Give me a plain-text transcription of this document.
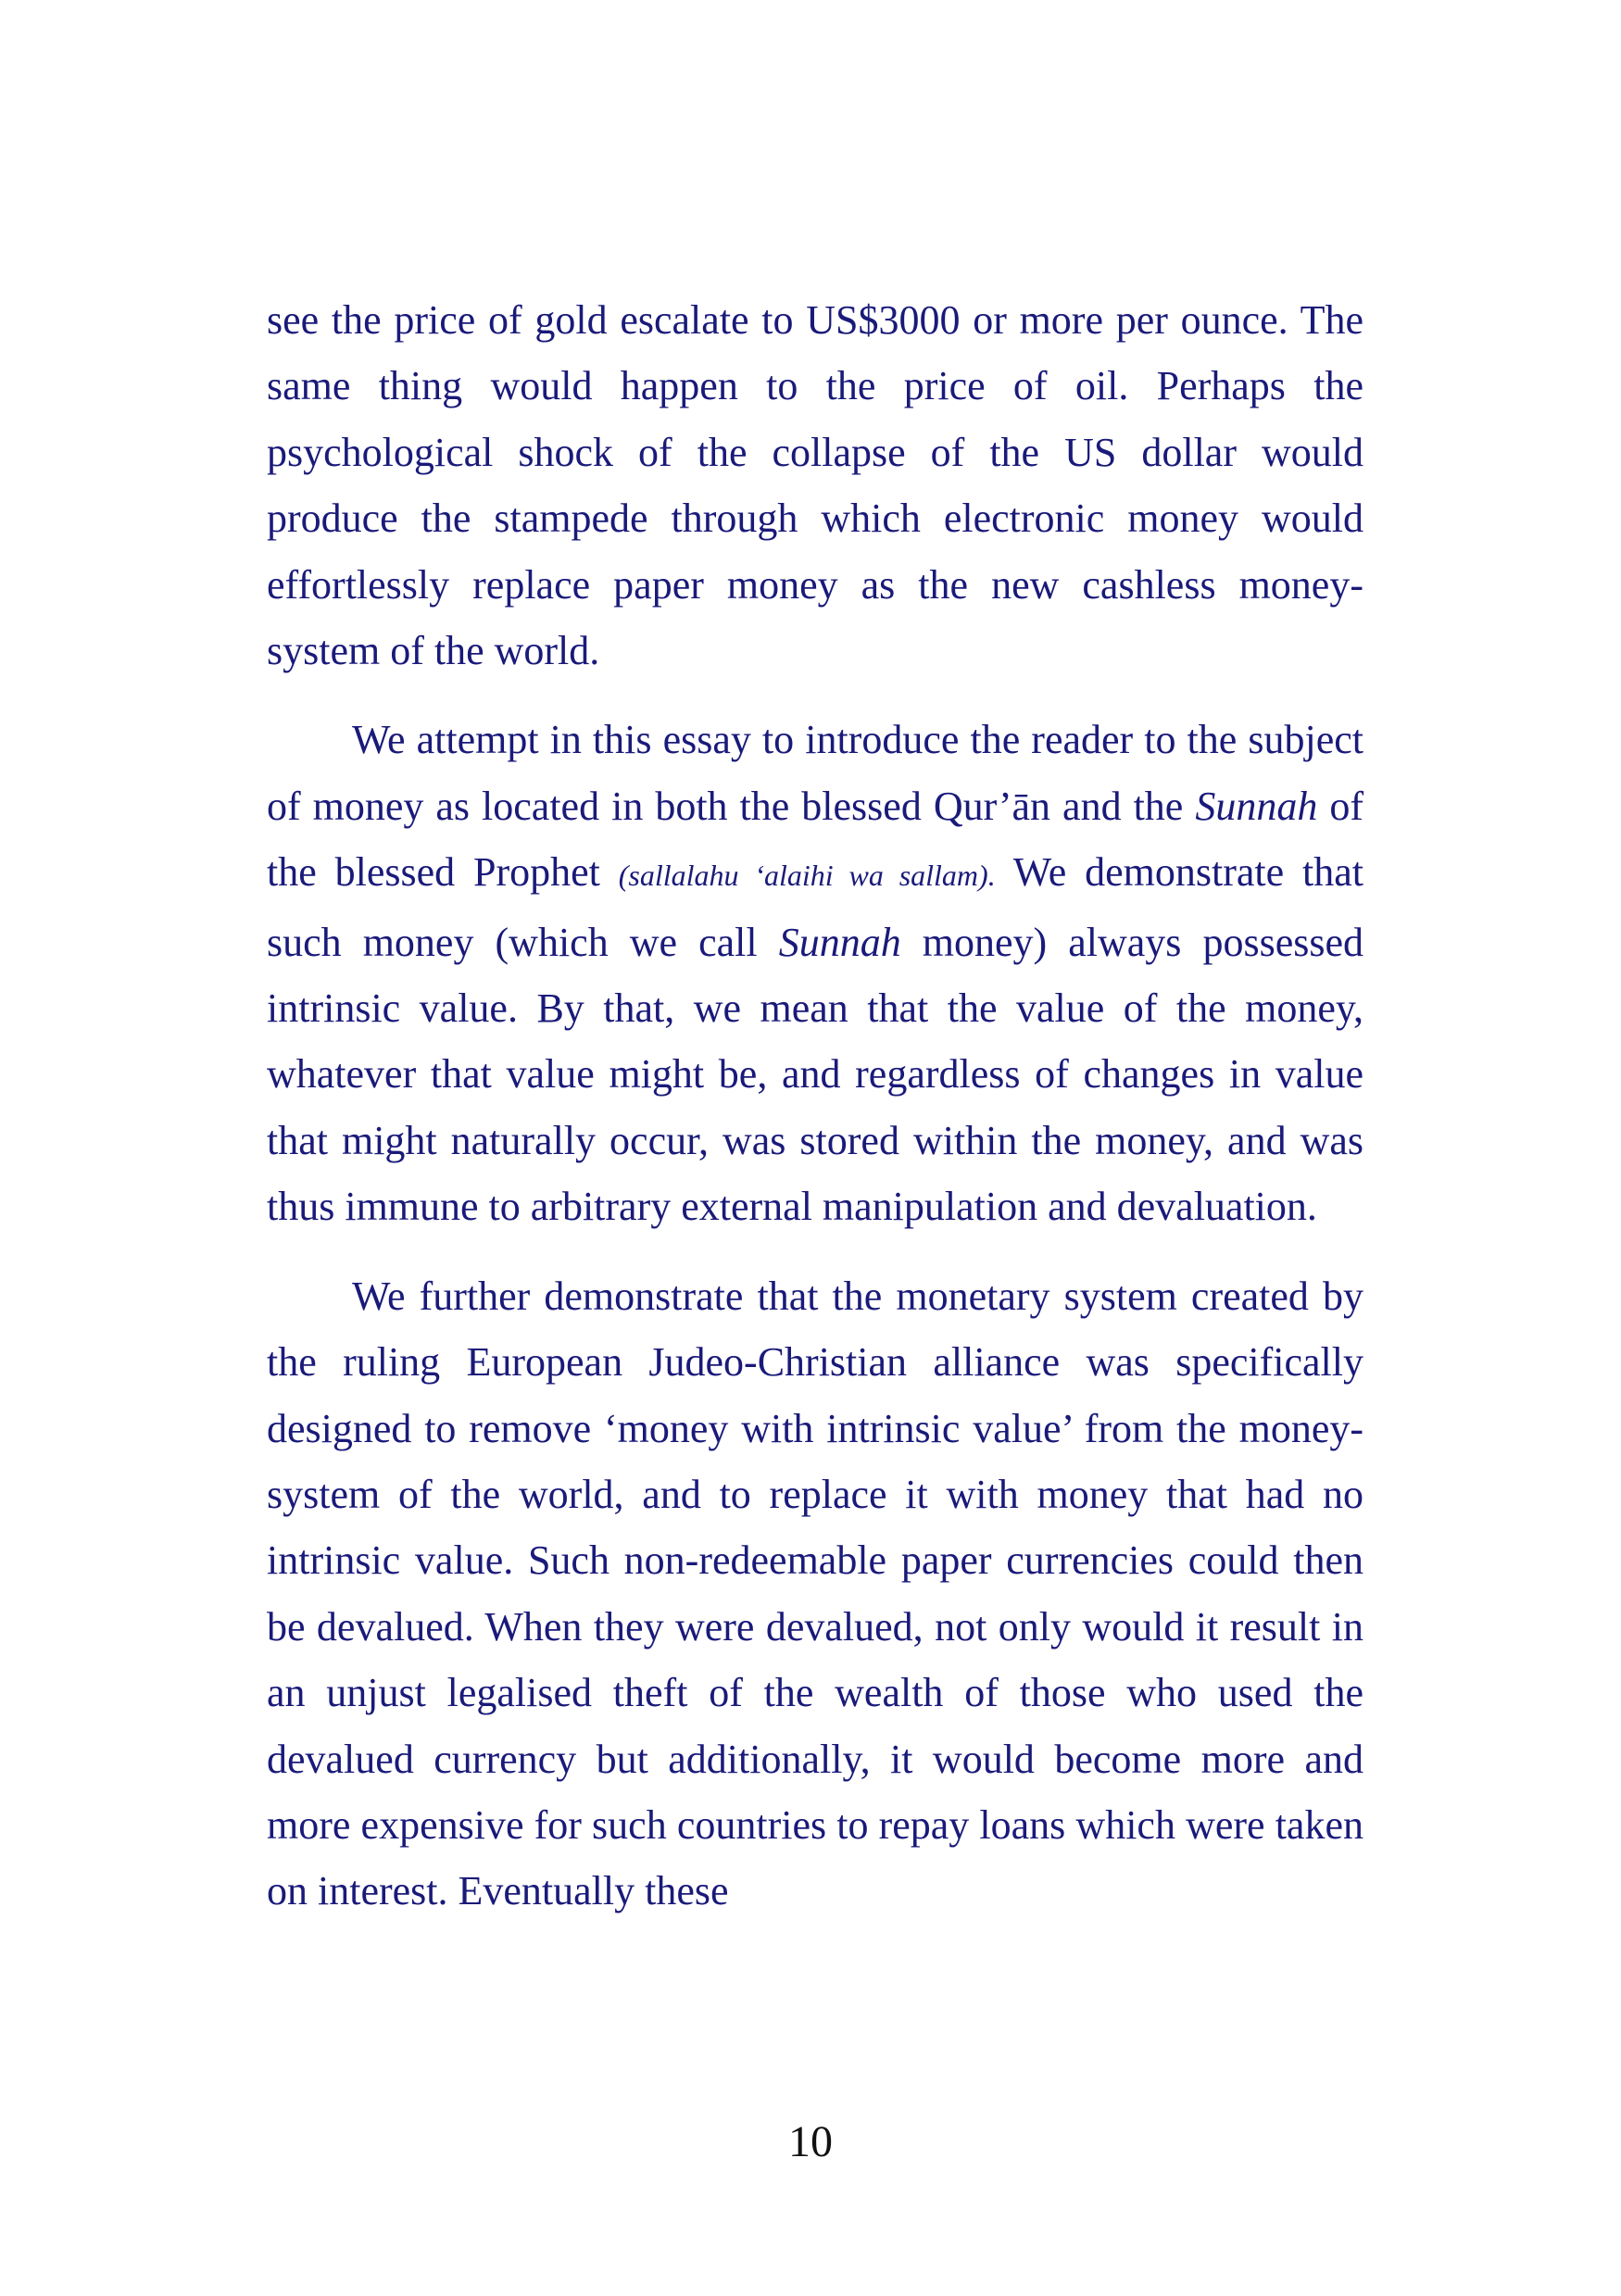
see the price of gold escalate to US$3000 or more per ounce. The same thing would happen to the price of oil. Perhaps the psychological shock of the collapse of the US dollar would produce the stampede through which electronic money would effortlessly replace paper money as the new cashless money-system of the world.

We attempt in this essay to introduce the reader to the subject of money as located in both the blessed Qur’ān and the Sunnah of the blessed Prophet (sallalahu ‘alaihi wa sallam). We demonstrate that such money (which we call Sunnah money) always possessed intrinsic value. By that, we mean that the value of the money, whatever that value might be, and regardless of changes in value that might naturally occur, was stored within the money, and was thus immune to arbitrary external manipulation and devaluation.

We further demonstrate that the monetary system created by the ruling European Judeo-Christian alliance was specifically designed to remove ‘money with intrinsic value’ from the money-system of the world, and to replace it with money that had no intrinsic value. Such non-redeemable paper currencies could then be devalued. When they were devalued, not only would it result in an unjust legalised theft of the wealth of those who used the devalued currency but additionally, it would become more and more expensive for such countries to repay loans which were taken on interest. Eventually these

10
